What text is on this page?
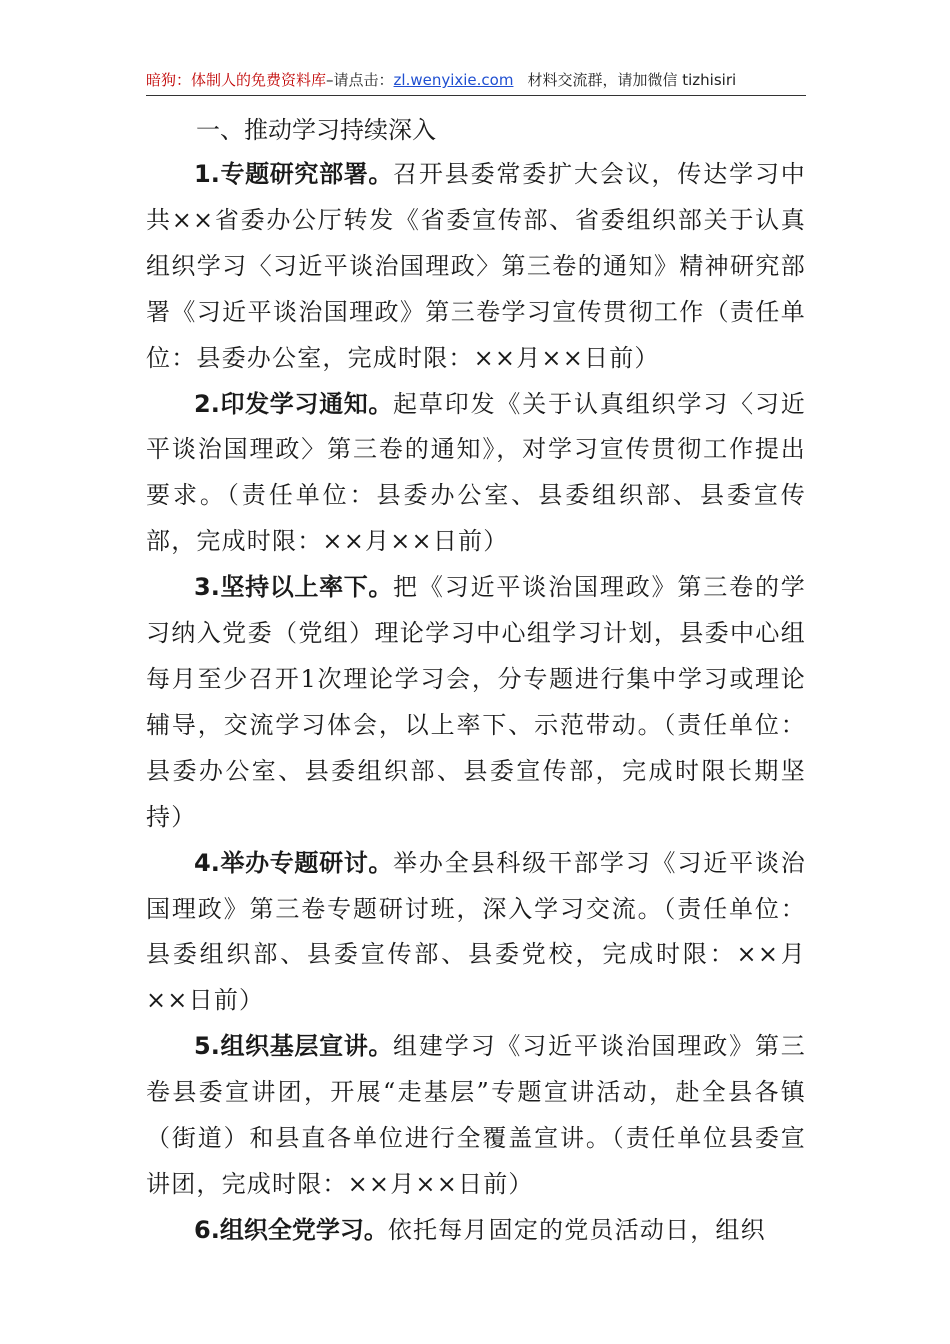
暗狗：体制人的免费资料库–请点击：zl.wenyixie.com 材料交流群，请加微信 tizhisiri
一、推动学习持续深入

1.专题研究部署。召开县委常委扩大会议，传达学习中共××省委办公厅转发《省委宣传部、省委组织部关于认真组织学习〈习近平谈治国理政〉第三卷的通知》精神研究部署《习近平谈治国理政》第三卷学习宣传贯彻工作（责任单位：县委办公室，完成时限：××月××日前）

2.印发学习通知。起草印发《关于认真组织学习〈习近平谈治国理政〉第三卷的通知》，对学习宣传贯彻工作提出要求。（责任单位：县委办公室、县委组织部、县委宣传部，完成时限：××月××日前）

3.坚持以上率下。把《习近平谈治国理政》第三卷的学习纳入党委（党组）理论学习中心组学习计划，县委中心组每月至少召开1次理论学习会，分专题进行集中学习或理论辅导，交流学习体会，以上率下、示范带动。（责任单位：县委办公室、县委组织部、县委宣传部，完成时限长期坚持）

4.举办专题研讨。举办全县科级干部学习《习近平谈治国理政》第三卷专题研讨班，深入学习交流。（责任单位：县委组织部、县委宣传部、县委党校，完成时限：××月××日前）

5.组织基层宣讲。组建学习《习近平谈治国理政》第三卷县委宣讲团，开展“走基层”专题宣讲活动，赴全县各镇（街道）和县直各单位进行全覆盖宣讲。（责任单位县委宣讲团，完成时限：××月××日前）

6.组织全党学习。依托每月固定的党员活动日，组织
